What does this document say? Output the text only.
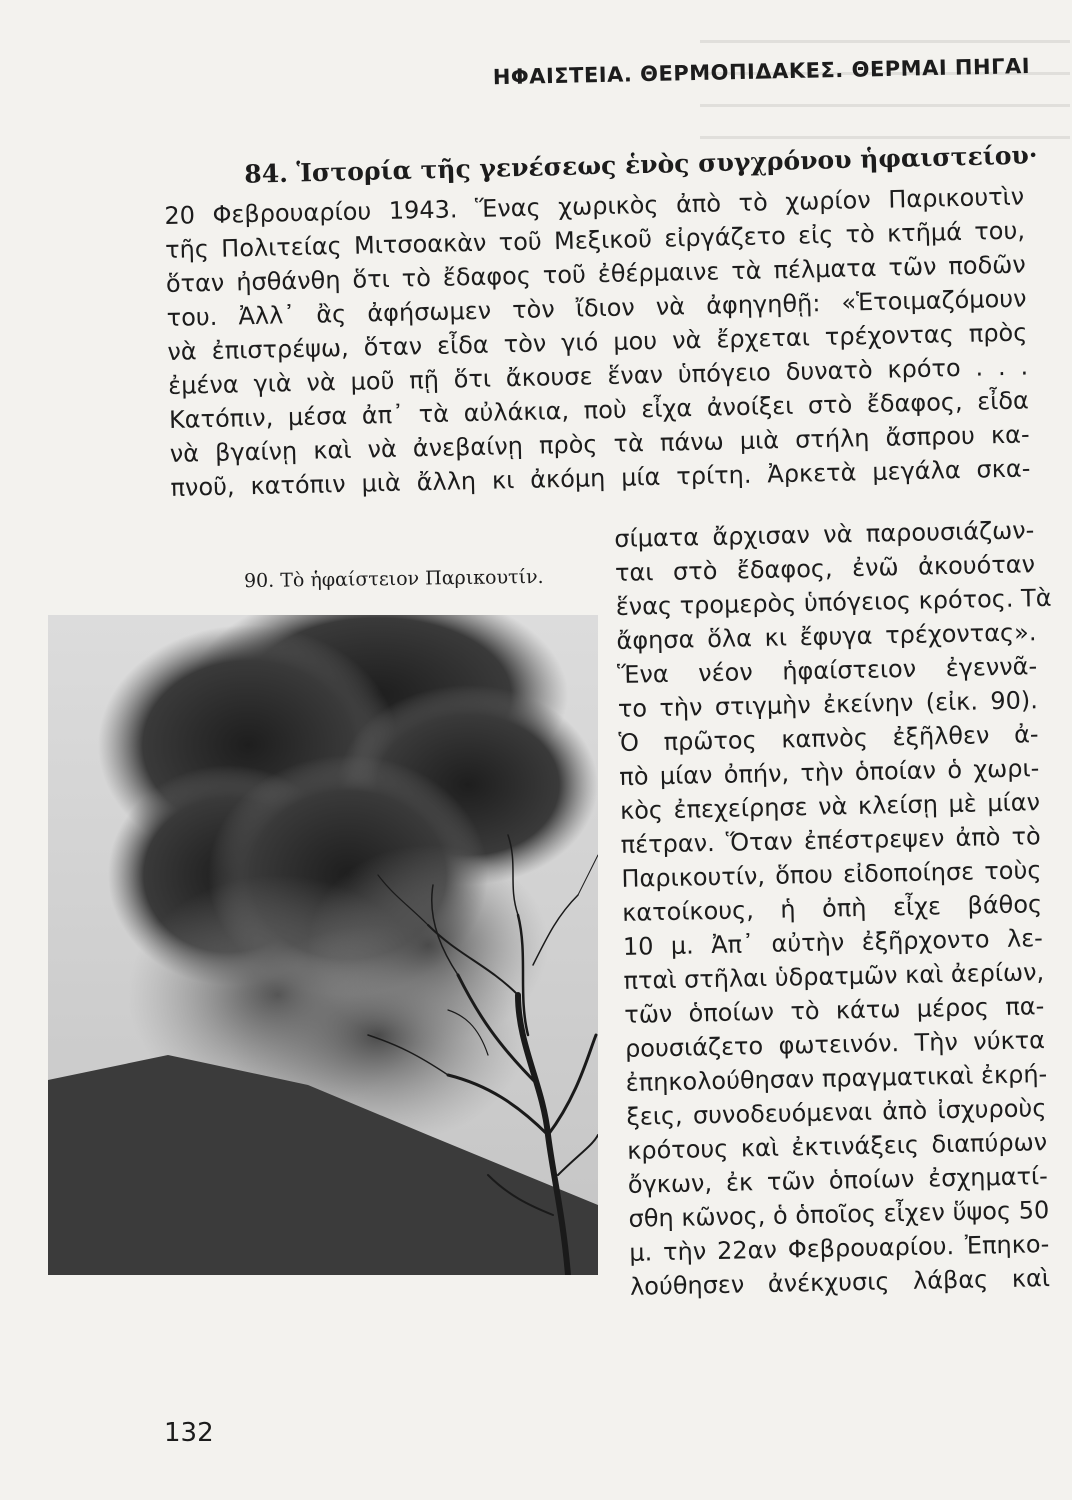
ΗΦΑΙΣΤΕΙΑ. ΘΕΡΜΟΠΙΔΑΚΕΣ. ΘΕΡΜΑΙ ΠΗΓΑΙ
84. Ἱστορία τῆς γενέσεως ἑνὸς συγχρόνου ἡφαιστείου·
20 Φεβρουαρίου 1943. Ἕνας χωρικὸς ἀπὸ τὸ χωρίον Παρικουτὶν
τῆς Πολιτείας Μιτσοακὰν τοῦ Μεξικοῦ εἰργάζετο εἰς τὸ κτῆμά του,
ὅταν ἠσθάνθη ὅτι τὸ ἔδαφος τοῦ ἐθέρμαινε τὰ πέλματα τῶν ποδῶν
του. Ἀλλ᾿ ἂς ἀφήσωμεν τὸν ἴδιον νὰ ἀφηγηθῇ: «Ἑτοιμαζόμουν
νὰ ἐπιστρέψω, ὅταν εἶδα τὸν γιό μου νὰ ἔρχεται τρέχοντας πρὸς
ἐμένα γιὰ νὰ μοῦ πῇ ὅτι ἄκουσε ἕναν ὑπόγειο δυνατὸ κρότο . . .
Κατόπιν, μέσα ἀπ᾿ τὰ αὐλάκια, ποὺ εἶχα ἀνοίξει στὸ ἔδαφος, εἶδα
νὰ βγαίνῃ καὶ νὰ ἀνεβαίνῃ πρὸς τὰ πάνω μιὰ στήλη ἄσπρου κα-
πνοῦ, κατόπιν μιὰ ἄλλη κι ἀκόμη μία τρίτη. Ἀρκετὰ μεγάλα σκα-
σίματα ἄρχισαν νὰ παρουσιάζων-
ται στὸ ἔδαφος, ἐνῶ ἀκουόταν
ἕνας τρομερὸς ὑπόγειος κρότος. Τὰ
ἄφησα ὅλα κι ἔφυγα τρέχοντας».
Ἕνα νέον ἡφαίστειον ἐγεννᾶ-
το τὴν στιγμὴν ἐκείνην (εἰκ. 90).
Ὁ πρῶτος καπνὸς ἐξῆλθεν ἀ-
πὸ μίαν ὀπήν, τὴν ὁποίαν ὁ χωρι-
κὸς ἐπεχείρησε νὰ κλείσῃ μὲ μίαν
πέτραν. Ὅταν ἐπέστρεψεν ἀπὸ τὸ
Παρικουτίν, ὅπου εἰδοποίησε τοὺς
κατοίκους, ἡ ὀπὴ εἶχε βάθος
10 μ. Ἀπ᾿ αὐτὴν ἐξῆρχοντο λε-
πταὶ στῆλαι ὑδρατμῶν καὶ ἀερίων,
τῶν ὁποίων τὸ κάτω μέρος πα-
ρουσιάζετο φωτεινόν. Τὴν νύκτα
ἐπηκολούθησαν πραγματικαὶ ἐκρή-
ξεις, συνοδευόμεναι ἀπὸ ἰσχυροὺς
κρότους καὶ ἐκτινάξεις διαπύρων
ὄγκων, ἐκ τῶν ὁποίων ἐσχηματί-
σθη κῶνος, ὁ ὁποῖος εἶχεν ὕψος 50
μ. τὴν 22αν Φεβρουαρίου. Ἐπηκο-
λούθησεν ἀνέκχυσις λάβας καὶ
90. Τὸ ἡφαίστειον Παρικουτίν.
132
